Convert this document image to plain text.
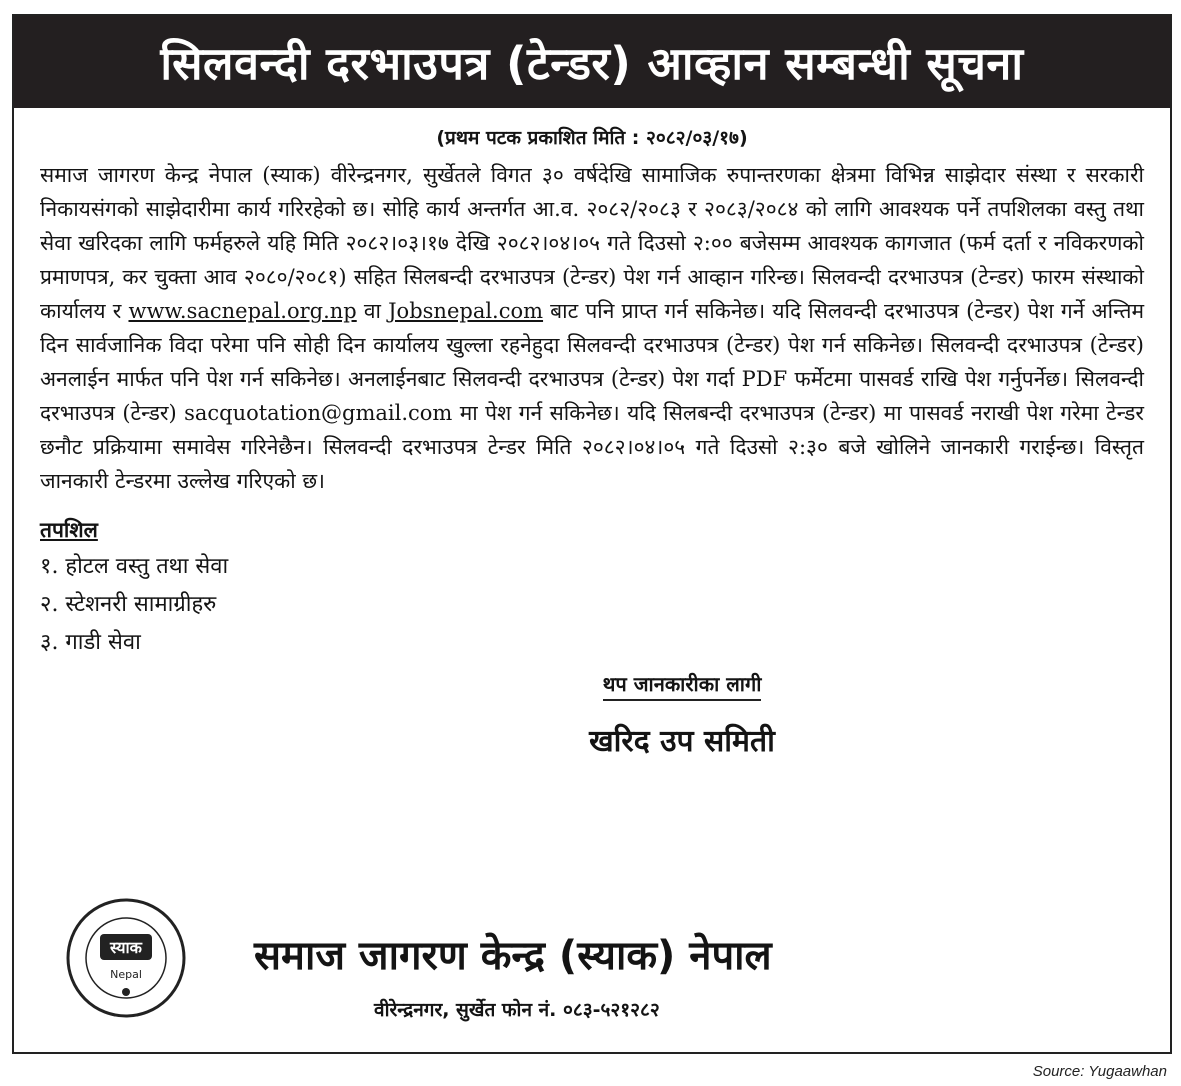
सिलवन्दी दरभाउपत्र (टेन्डर) आव्हान सम्बन्धी सूचना
(प्रथम पटक प्रकाशित मिति : २०८२/०३/१७)

समाज जागरण केन्द्र नेपाल (स्याक) वीरेन्द्रनगर, सुर्खेतले विगत ३० वर्षदेखि सामाजिक रुपान्तरणका क्षेत्रमा विभिन्न साझेदार संस्था र सरकारी निकायसंगको साझेदारीमा कार्य गरिरहेको छ। सोहि कार्य अन्तर्गत आ.व. २०८२/२०८३ र २०८३/२०८४ को लागि आवश्यक पर्ने तपशिलका वस्तु तथा सेवा खरिदका लागि फर्महरुले यहि मिति २०८२।०३।१७ देखि २०८२।०४।०५ गते दिउसो २:०० बजेसम्म आवश्यक कागजात (फर्म दर्ता र नविकरणको प्रमाणपत्र, कर चुक्ता आव २०८०/२०८१) सहित सिलबन्दी दरभाउपत्र (टेन्डर) पेश गर्न आव्हान गरिन्छ। सिलवन्दी दरभाउपत्र (टेन्डर) फारम संस्थाको कार्यालय र www.sacnepal.org.np वा Jobsnepal.com बाट पनि प्राप्त गर्न सकिनेछ। यदि सिलवन्दी दरभाउपत्र (टेन्डर) पेश गर्ने अन्तिम दिन सार्वजानिक विदा परेमा पनि सोही दिन कार्यालय खुल्ला रहनेहुदा सिलवन्दी दरभाउपत्र (टेन्डर) पेश गर्न सकिनेछ। सिलवन्दी दरभाउपत्र (टेन्डर) अनलाईन मार्फत पनि पेश गर्न सकिनेछ। अनलाईनबाट सिलवन्दी दरभाउपत्र (टेन्डर) पेश गर्दा PDF फर्मेटमा पासवर्ड राखि पेश गर्नुपर्नेछ। सिलवन्दी दरभाउपत्र (टेन्डर) sacquotation@gmail.com मा पेश गर्न सकिनेछ। यदि सिलबन्दी दरभाउपत्र (टेन्डर) मा पासवर्ड नराखी पेश गरेमा टेन्डर छनौट प्रक्रियामा समावेस गरिनेछैन। सिलवन्दी दरभाउपत्र टेन्डर मिति २०८२।०४।०५ गते दिउसो २:३० बजे खोलिने जानकारी गराईन्छ। विस्तृत जानकारी टेन्डरमा उल्लेख गरिएको छ।

तपशिल
१. होटल वस्तु तथा सेवा
२. स्टेशनरी सामाग्रीहरु
३. गाडी सेवा
थप जानकारीका लागी
खरिद उप समिती
स्याक
Nepal	समाज जागरण केन्द्र (स्याक) नेपाल
वीरेन्द्रनगर, सुर्खेत फोन नं. ०८३-५२१२८२
Source: Yugaawhan
